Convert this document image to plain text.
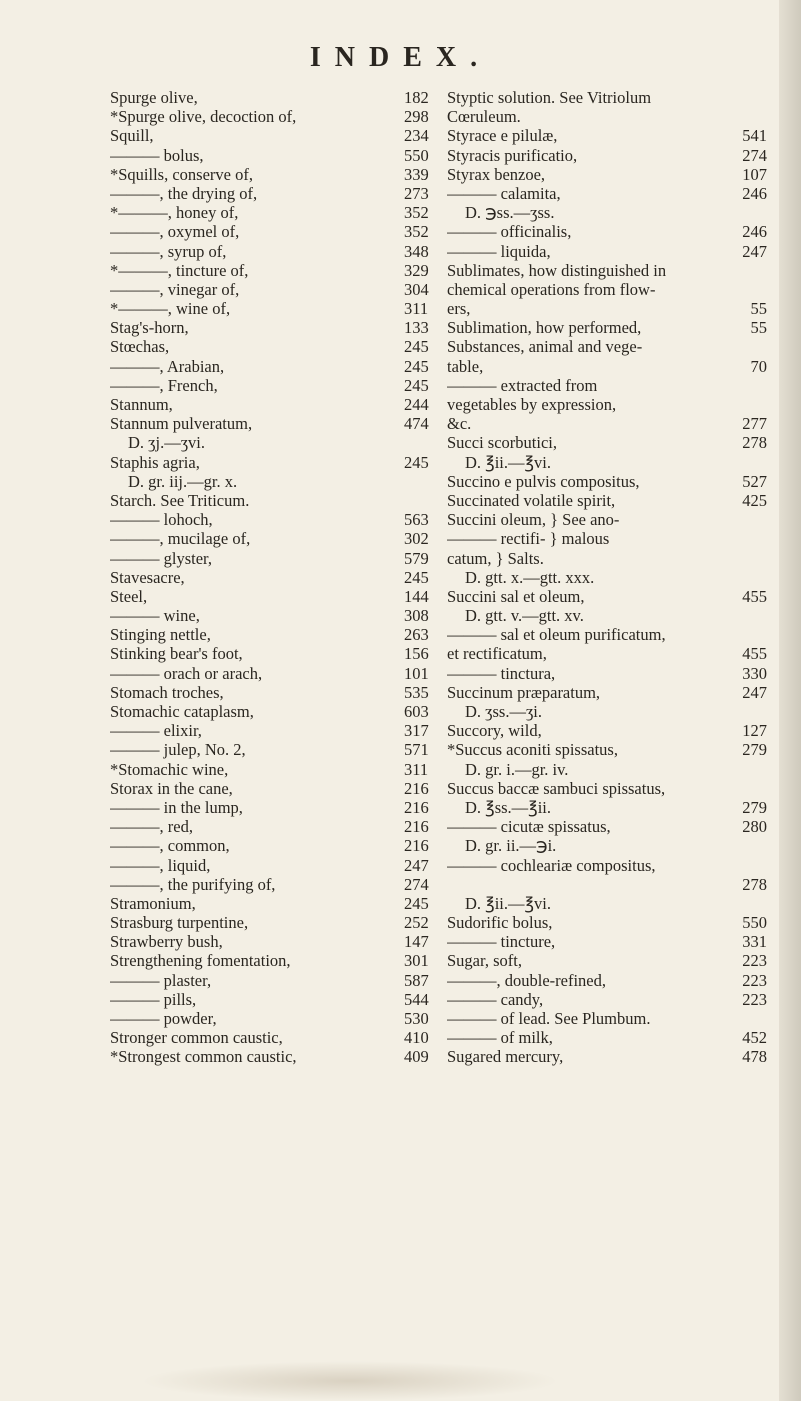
INDEX.
Spurge olive,	182
*Spurge olive, decoction of,	298
Squill,	234
——— bolus,	550
*Squills, conserve of,	339
———, the drying of,	273
*———, honey of,	352
———, oxymel of,	352
———, syrup of,	348
*———, tincture of,	329
———, vinegar of,	304
*———, wine of,	311
Stag's-horn,	133
Stœchas,	245
———, Arabian,	245
———, French,	245
Stannum,	244
Stannum pulveratum,	474
D. ʒj.—ʒvi.
Staphis agria,	245
D. gr. iij.—gr. x.
Starch. See Triticum.
——— lohoch,	563
———, mucilage of,	302
——— glyster,	579
Stavesacre,	245
Steel,	144
——— wine,	308
Stinging nettle,	263
Stinking bear's foot,	156
——— orach or arach,	101
Stomach troches,	535
Stomachic cataplasm,	603
——— elixir,	317
——— julep, No. 2,	571
*Stomachic wine,	311
Storax in the cane,	216
——— in the lump,	216
———, red,	216
———, common,	216
———, liquid,	247
———, the purifying of,	274
Stramonium,	245
Strasburg turpentine,	252
Strawberry bush,	147
Strengthening fomentation,	301
——— plaster,	587
——— pills,	544
——— powder,	530
Stronger common caustic,	410
*Strongest common caustic,	409
Styptic solution. See Vitriolum
Cœruleum.
Styrace e pilulæ,	541
Styracis purificatio,	274
Styrax benzoe,	107
——— calamita,	246
D. ℈ss.—ʒss.
——— officinalis,	246
——— liquida,	247
Sublimates, how distinguished in
chemical operations from flow-
ers,	55
Sublimation, how performed,	55
Substances, animal and vege-
table,	70
——— extracted from
vegetables by expression,
&c.	277
Succi scorbutici,	278
D. ℥ii.—℥vi.
Succino e pulvis compositus,	527
Succinated volatile spirit,	425
Succini oleum, } See ano-
——— rectifi- } malous
catum, } Salts.
D. gtt. x.—gtt. xxx.
Succini sal et oleum,	455
D. gtt. v.—gtt. xv.
——— sal et oleum purificatum,
et rectificatum,	455
——— tinctura,	330
Succinum præparatum,	247
D. ʒss.—ʒi.
Succory, wild,	127
*Succus aconiti spissatus,	279
D. gr. i.—gr. iv.
Succus baccæ sambuci spissatus,
D. ℥ss.—℥ii.	279
——— cicutæ spissatus,	280
D. gr. ii.—℈i.
——— cochleariæ compositus,
278
D. ℥ii.—℥vi.
Sudorific bolus,	550
——— tincture,	331
Sugar, soft,	223
———, double-refined,	223
——— candy,	223
——— of lead. See Plumbum.
——— of milk,	452
Sugared mercury,	478
